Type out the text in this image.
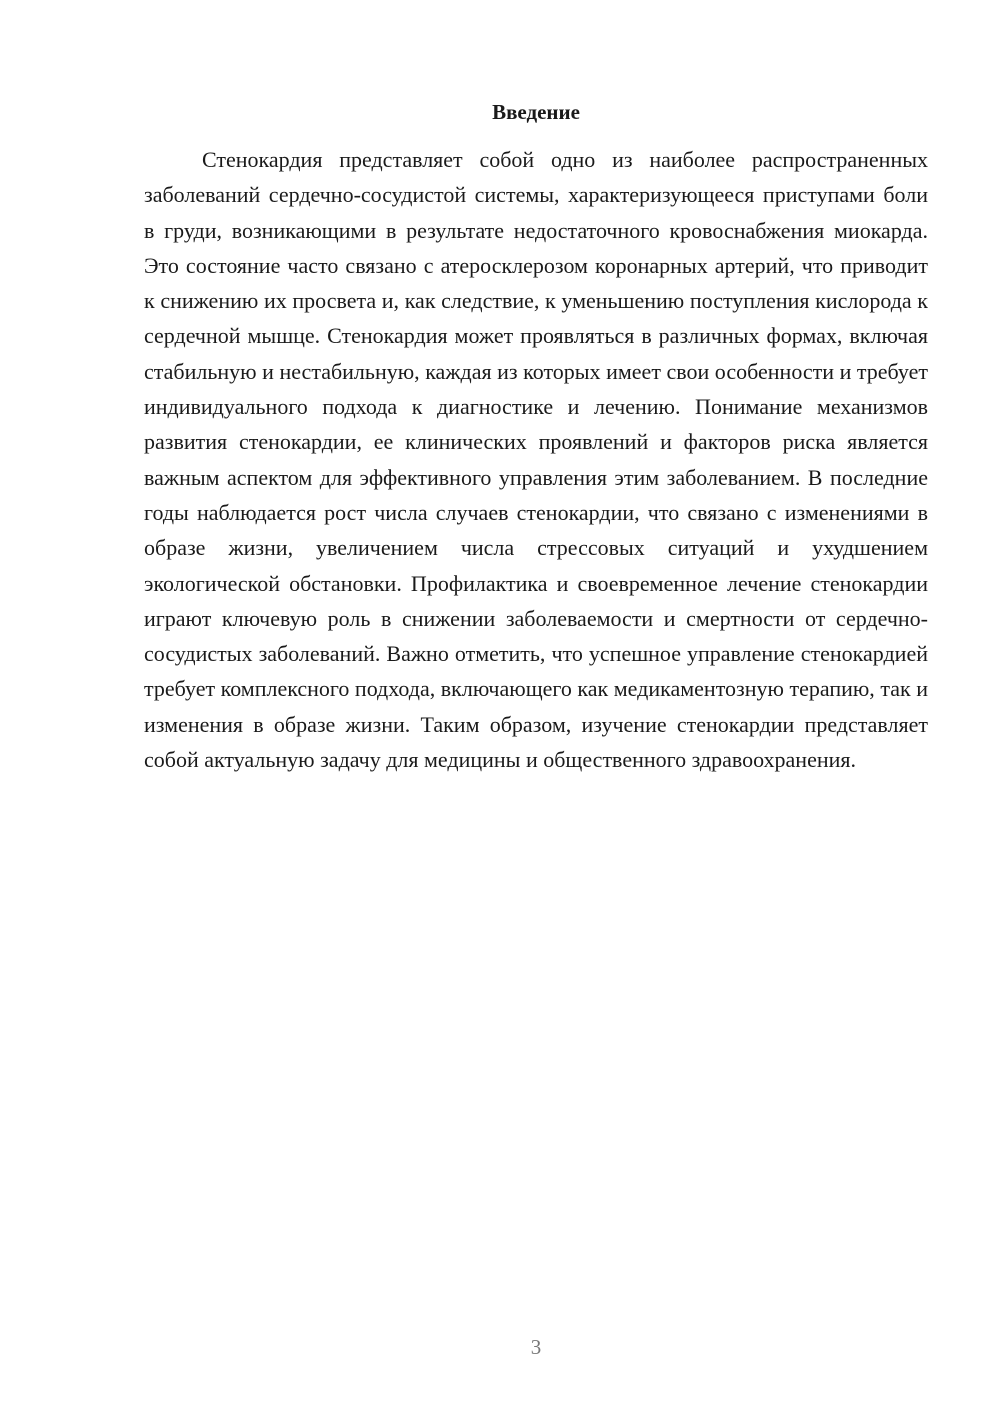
Введение

Стенокардия представляет собой одно из наиболее распространенных заболеваний сердечно-сосудистой системы, характеризующееся приступами боли в груди, возникающими в результате недостаточного кровоснабжения миокарда. Это состояние часто связано с атеросклерозом коронарных артерий, что приводит к снижению их просвета и, как следствие, к уменьшению поступления кислорода к сердечной мышце. Стенокардия может проявляться в различных формах, включая стабильную и нестабильную, каждая из которых имеет свои особенности и требует индивидуального подхода к диагностике и лечению. Понимание механизмов развития стенокардии, ее клинических проявлений и факторов риска является важным аспектом для эффективного управления этим заболеванием. В последние годы наблюдается рост числа случаев стенокардии, что связано с изменениями в образе жизни, увеличением числа стрессовых ситуаций и ухудшением экологической обстановки. Профилактика и своевременное лечение стенокардии играют ключевую роль в снижении заболеваемости и смертности от сердечно-сосудистых заболеваний. Важно отметить, что успешное управление стенокардией требует комплексного подхода, включающего как медикаментозную терапию, так и изменения в образе жизни. Таким образом, изучение стенокардии представляет собой актуальную задачу для медицины и общественного здравоохранения.

3
